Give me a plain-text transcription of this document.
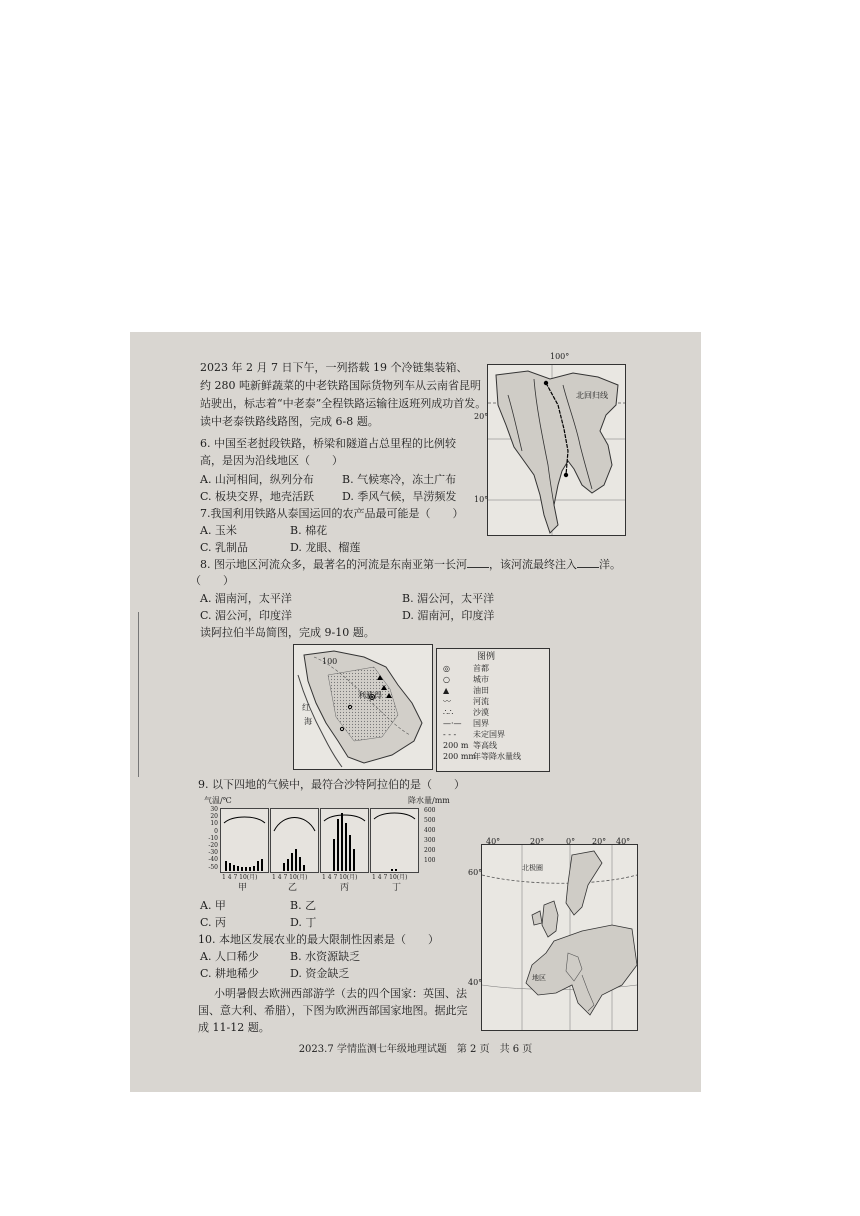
2023 年 2 月 7 日下午，一列搭载 19 个冷链集装箱、
约 280 吨新鲜蔬菜的中老铁路国际货物列车从云南省昆明
站驶出，标志着“中老泰”全程铁路运输往返班列成功首发。
读中老泰铁路线路图，完成 6-8 题。
6. 中国至老挝段铁路，桥梁和隧道占总里程的比例较
高，是因为沿线地区（　　）
A. 山河相间，纵列分布	B. 气候寒冷，冻土广布
C. 板块交界，地壳活跃	D. 季风气候，旱涝频发
7.我国利用铁路从泰国运回的农产品最可能是（　　）
A. 玉米	B. 棉花
C. 乳制品	D. 龙眼、榴莲
8. 图示地区河流众多，最著名的河流是东南亚第一长河 ，该河流最终注入 洋。
（　　）
A. 湄南河，太平洋	B. 湄公河，太平洋
C. 湄公河，印度洋	D. 湄南河，印度洋
读阿拉伯半岛简图，完成 9-10 题。
北回归线
100°
20°
10°
利雅得
红
海
100	图例
◎	首都
○	城市
▲	油田
〰	河流
∴∴ 沙漠
—·— 国界
- - - 未定国界
200 m 等高线
200 mm年等降水量线
9. 以下四地的气候中，最符合沙特阿拉伯的是（　　）
气温/℃	降水量/mm
30
20
10
0
-10
-20
-30
-40
-50
600
500
400
300
200
100
1 4 7 10(月) 1 4 7 10(月) 1 4 7 10(月) 1 4 7 10(月)
甲	乙	丙	丁
A. 甲	B. 乙
C. 丙	D. 丁
10. 本地区发展农业的最大限制性因素是（　　）
A. 人口稀少	B. 水资源缺乏
C. 耕地稀少	D. 资金缺乏
小明暑假去欧洲西部游学（去的四个国家：英国、法
国、意大利、希腊），下图为欧洲西部国家地图。据此完
成 11-12 题。
北极圈
地区
40°	20°	0° 20° 40°
60°
40°
2023.7 学情监测七年级地理试题　第 2 页　共 6 页
